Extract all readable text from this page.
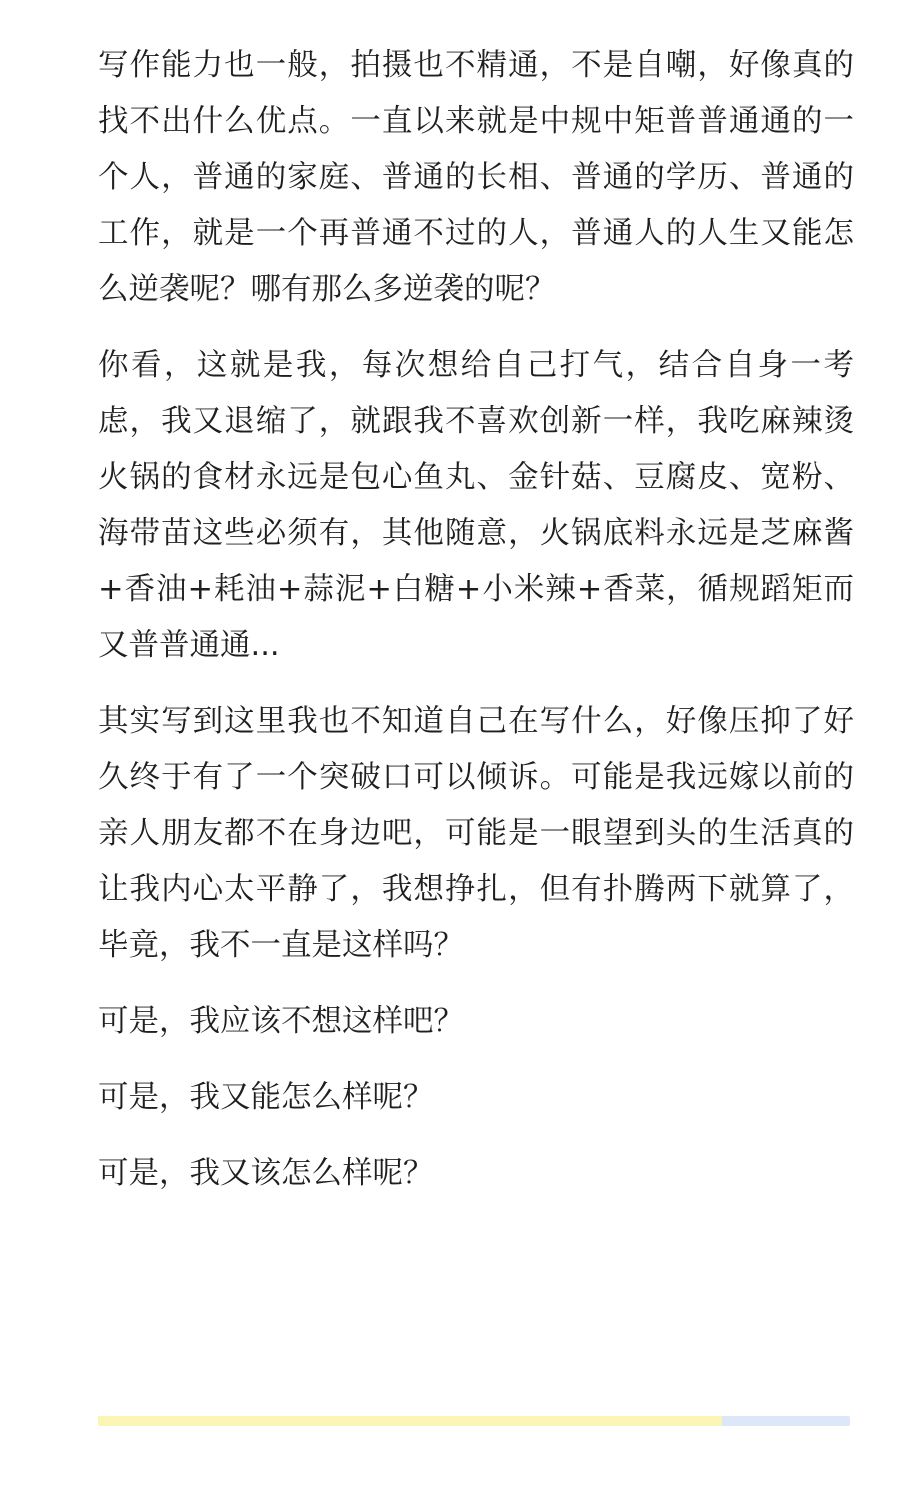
写作能力也一般，拍摄也不精通，不是自嘲，好像真的找不出什么优点。一直以来就是中规中矩普普通通的一个人，普通的家庭、普通的长相、普通的学历、普通的工作，就是一个再普通不过的人，普通人的人生又能怎么逆袭呢？哪有那么多逆袭的呢？

你看，这就是我，每次想给自己打气，结合自身一考虑，我又退缩了，就跟我不喜欢创新一样，我吃麻辣烫火锅的食材永远是包心鱼丸、金针菇、豆腐皮、宽粉、海带苗这些必须有，其他随意，火锅底料永远是芝麻酱+香油+耗油+蒜泥+白糖+小米辣+香菜，循规蹈矩而又普普通通...

其实写到这里我也不知道自己在写什么，好像压抑了好久终于有了一个突破口可以倾诉。可能是我远嫁以前的亲人朋友都不在身边吧，可能是一眼望到头的生活真的让我内心太平静了，我想挣扎，但有扑腾两下就算了，毕竟，我不一直是这样吗？

可是，我应该不想这样吧？

可是，我又能怎么样呢？

可是，我又该怎么样呢？
